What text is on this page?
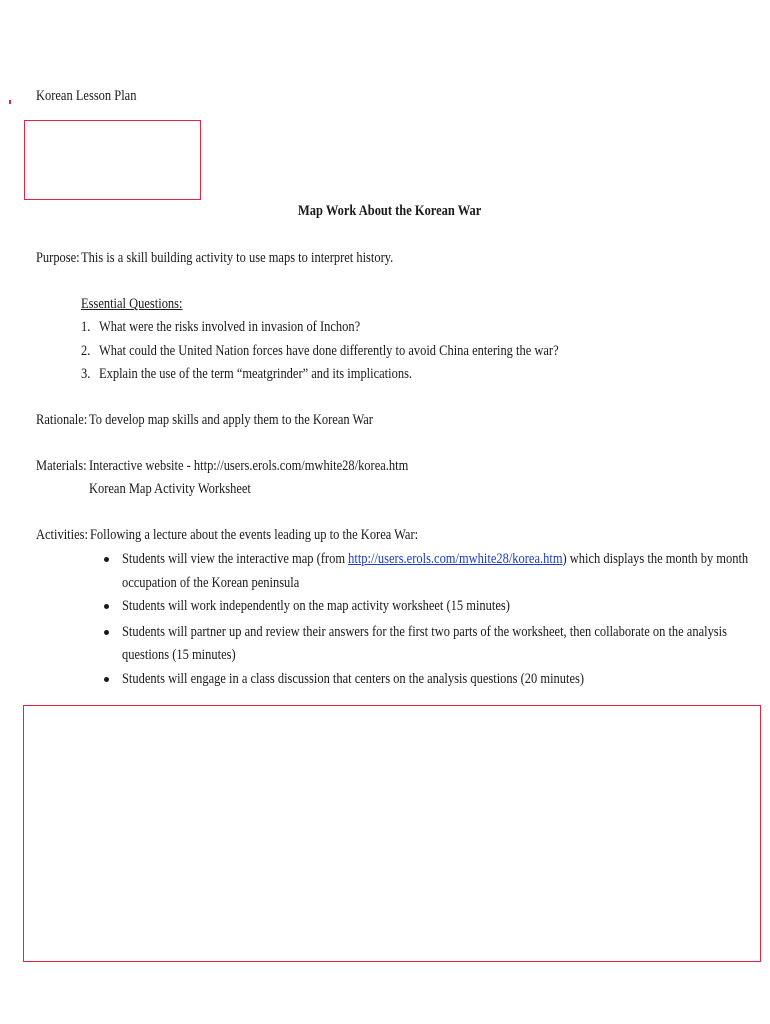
Korean Lesson Plan
Map Work About the Korean War
Purpose: This is a skill building activity to use maps to interpret history.
Essential Questions:
1. What were the risks involved in invasion of Inchon?
2. What could the United Nation forces have done differently to avoid China entering the war?
3. Explain the use of the term “meatgrinder” and its implications.
Rationale: To develop map skills and apply them to the Korean War
Materials: Interactive website - http://users.erols.com/mwhite28/korea.htm
Korean Map Activity Worksheet
Activities: Following a lecture about the events leading up to the Korea War:
Students will view the interactive map (from http://users.erols.com/mwhite28/korea.htm) which displays the month by month
occupation of the Korean peninsula
Students will work independently on the map activity worksheet (15 minutes)
Students will partner up and review their answers for the first two parts of the worksheet, then collaborate on the analysis
questions (15 minutes)
Students will engage in a class discussion that centers on the analysis questions (20 minutes)
